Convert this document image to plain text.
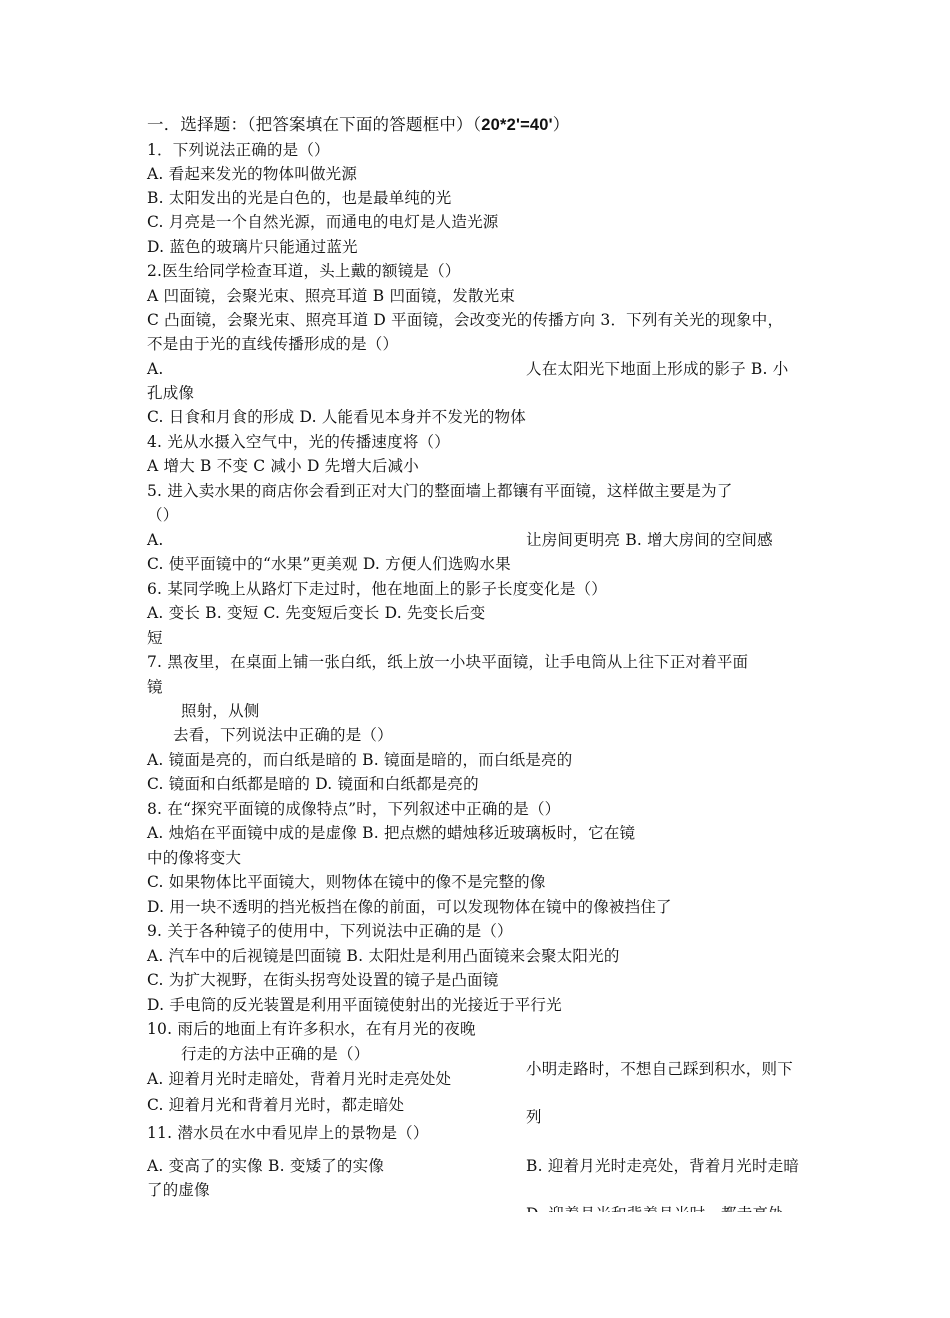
一．选择题：（把答案填在下面的答题框中）（20*2'=40'）
1．下列说法正确的是（）
A. 看起来发光的物体叫做光源
B. 太阳发出的光是白色的，也是最单纯的光
C. 月亮是一个自然光源，而通电的电灯是人造光源
D. 蓝色的玻璃片只能通过蓝光
2.医生给同学检查耳道，头上戴的额镜是（）
A 凹面镜，会聚光束、照亮耳道 B 凹面镜，发散光束
C 凸面镜，会聚光束、照亮耳道 D 平面镜，会改变光的传播方向 3．下列有关光的现象中，
不是由于光的直线传播形成的是（）
A.	人在太阳光下地面上形成的影子 B. 小
孔成像
C. 日食和月食的形成 D. 人能看见本身并不发光的物体
4. 光从水摄入空气中，光的传播速度将（）
A 增大 B 不变 C 减小 D 先增大后减小
5. 进入卖水果的商店你会看到正对大门的整面墙上都镶有平面镜，这样做主要是为了
（）
A.	让房间更明亮 B. 增大房间的空间感
C. 使平面镜中的“水果”更美观 D. 方便人们选购水果
6. 某同学晚上从路灯下走过时，他在地面上的影子长度变化是（）
A. 变长 B. 变短 C. 先变短后变长 D. 先变长后变
短
7. 黑夜里，在桌面上铺一张白纸，纸上放一小块平面镜，让手电筒从上往下正对着平面
镜
照射，从侧
去看，下列说法中正确的是（）
A. 镜面是亮的，而白纸是暗的 B. 镜面是暗的，而白纸是亮的
C. 镜面和白纸都是暗的 D. 镜面和白纸都是亮的
8. 在“探究平面镜的成像特点”时，下列叙述中正确的是（）
A. 烛焰在平面镜中成的是虚像 B. 把点燃的蜡烛移近玻璃板时，它在镜
中的像将变大
C. 如果物体比平面镜大，则物体在镜中的像不是完整的像
D. 用一块不透明的挡光板挡在像的前面，可以发现物体在镜中的像被挡住了
9. 关于各种镜子的使用中，下列说法中正确的是（）
A. 汽车中的后视镜是凹面镜 B. 太阳灶是利用凸面镜来会聚太阳光的
C. 为扩大视野，在街头拐弯处设置的镜子是凸面镜
D. 手电筒的反光装置是利用平面镜使射出的光接近于平行光
10. 雨后的地面上有许多积水，在有月光的夜晚
行走的方法中正确的是（）
小明走路时，不想自己踩到积水，则下
A. 迎着月光时走暗处，背着月光时走亮处处
C. 迎着月光和背着月光时，都走暗处
列
11. 潜水员在水中看见岸上的景物是（）
A. 变高了的实像 B. 变矮了的实像	B. 迎着月光时走亮处，背着月光时走暗
了的虚像
